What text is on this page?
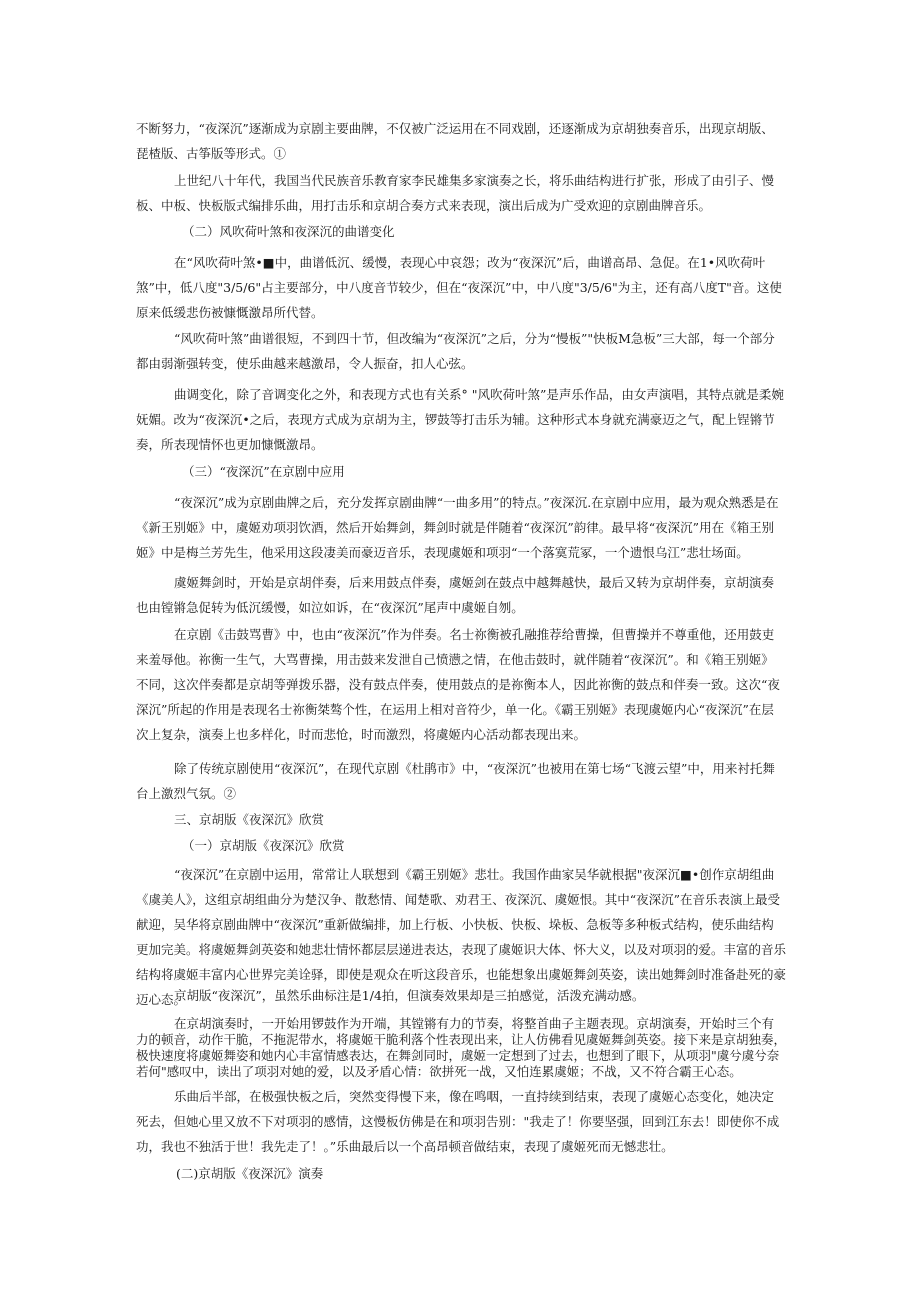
不断努力，“夜深沉”逐渐成为京剧主要曲牌，不仅被广泛运用在不同戏剧，还逐渐成为京胡独奏音乐，出现京胡版、琵楂版、古筝版等形式。①

上世纪八十年代，我国当代民族音乐教育家李民雄集多家演奏之长，将乐曲结构进行扩张，形成了由引子、慢板、中板、快板版式编排乐曲，用打击乐和京胡合奏方式来表现，演出后成为广受欢迎的京剧曲牌音乐。

（二）风吹荷叶煞和夜深沉的曲谱变化

在“风吹荷叶煞•■中，曲谱低沉、缓慢，表现心中哀怨；改为“夜深沉”后，曲谱高昂、急促。在1•风吹荷叶煞”中，低八度"3/5/6"占主要部分，中八度音节较少，但在“夜深沉”中，中八度"3/5/6"为主，还有高八度T"音。这使原来低缓悲伤被慷慨激昂所代替。

“风吹荷叶煞”曲谱很短，不到四十节，但改编为“夜深沉”之后，分为“慢板”"快板M急板”三大部，每一个部分都由弱渐强转变，使乐曲越来越激昂，令人振奋，扣人心弦。

曲调变化，除了音调变化之外，和表现方式也有关系° "风吹荷叶煞”是声乐作品，由女声演唱，其特点就是柔婉妩媚。改为“夜深沉•之后，表现方式成为京胡为主，锣鼓等打击乐为辅。这种形式本身就充满豪迈之气，配上锃锵节奏，所表现情怀也更加慷慨激昂。

（三）“夜深沉”在京剧中应用

“夜深沉”成为京剧曲牌之后，充分发挥京剧曲牌“一曲多用”的特点。”夜深沉.在京剧中应用，最为观众熟悉是在《新王别姬》中，虞姬劝项羽饮酒，然后开始舞剑，舞剑时就是伴随着“夜深沉”韵律。最早将“夜深沉”用在《箱王别姬》中是梅兰芳先生，他采用这段凄美而豪迈音乐，表现虞姬和项羽“一个落寞荒冢，一个遗恨乌江”悲壮场面。

虞姬舞剑时，开始是京胡伴奏，后来用鼓点伴奏，虞姬剑在鼓点中越舞越快，最后又转为京胡伴奏，京胡演奏也由镗锵急促转为低沉缓慢，如泣如诉，在“夜深沉”尾声中虞姬自刎。

在京剧《击鼓骂曹》中，也由“夜深沉”作为伴奏。名士祢衡被孔融推荐给曹操，但曹操并不尊重他，还用鼓吏来羞辱他。祢衡一生气，大骂曹操，用击鼓来发泄自己愤懑之情，在他击鼓时，就伴随着“夜深沉”。和《箱王别姬》不同，这次伴奏都是京胡等弹拨乐器，没有鼓点伴奏，使用鼓点的是祢衡本人，因此祢衡的鼓点和伴奏一致。这次“夜深沉”所起的作用是表现名士祢衡桀骜个性，在运用上相对音符少，单一化。《霸王别姬》表现虞姬内心“夜深沉”在层次上复杂，演奏上也多样化，时而悲怆，时而激烈，将虞姬内心活动都表现出来。

除了传统京剧使用“夜深沉”，在现代京剧《杜鹃市》中，“夜深沉”也被用在第七场“飞渡云望”中，用来衬托舞台上激烈气氛。②

三、京胡版《夜深沉》欣赏

（一）京胡版《夜深沉》欣赏

“夜深沉”在京剧中运用，常常让人联想到《霸王别姬》悲壮。我国作曲家吴华就根据"夜深沉■•创作京胡组曲《虞美人》，这组京胡组曲分为楚汉争、散愁情、闻楚歌、劝君王、夜深沉、虞姬恨。其中“夜深沉”在音乐表演上最受献迎，吴华将京剧曲牌中“夜深沉”重新做编排，加上行板、小快板、快板、垛板、急板等多种板式结构，使乐曲结构更加完美。将虞姬舞剑英姿和她悲壮情怀都层层递进表达，表现了虞姬识大体、怀大义，以及对项羽的爱。丰富的音乐结构将虞姬丰富内心世界完美诠驿，即使是观众在听这段音乐，也能想象出虞姬舞剑英姿，读出她舞剑时准备赴死的豪迈心态。

京胡版“夜深沉”，虽然乐曲标注是1/4拍，但演奏效果却是三拍感觉，活泼充满动感。

在京胡演奏时，一开始用锣鼓作为开端，其镗锵有力的节奏，将整首曲子主题表现。京胡演奏，开始时三个有力的顿音，动作干脆，不拖泥带水，将虞姬干脆利落个性表现出来，让人仿佛看见虞姬舞剑英姿。接下来是京胡独奏，极快速度将虞姬舞姿和她内心丰富情感表达，在舞剑同时，虞姬一定想到了过去，也想到了眼下，从项羽"虞兮虞兮奈若何"感叹中，读出了项羽对她的爱，以及矛盾心情：欲拼死一战，又怕连累虞姬；不战，又不符合霸王心态。

乐曲后半部，在极强快板之后，突然变得慢下来，像在鸣咽，一直持续到结束，表现了虞姬心态变化，她决定死去，但她心里又放不下对项羽的感情，这慢板仿佛是在和项羽告别："我走了！你要坚强，回到江东去！即使你不成功，我也不独活于世！我先走了！。”乐曲最后以一个高昂顿音做结束，表现了虞姬死而无憾悲壮。

(二)京胡版《夜深沉》演奏
